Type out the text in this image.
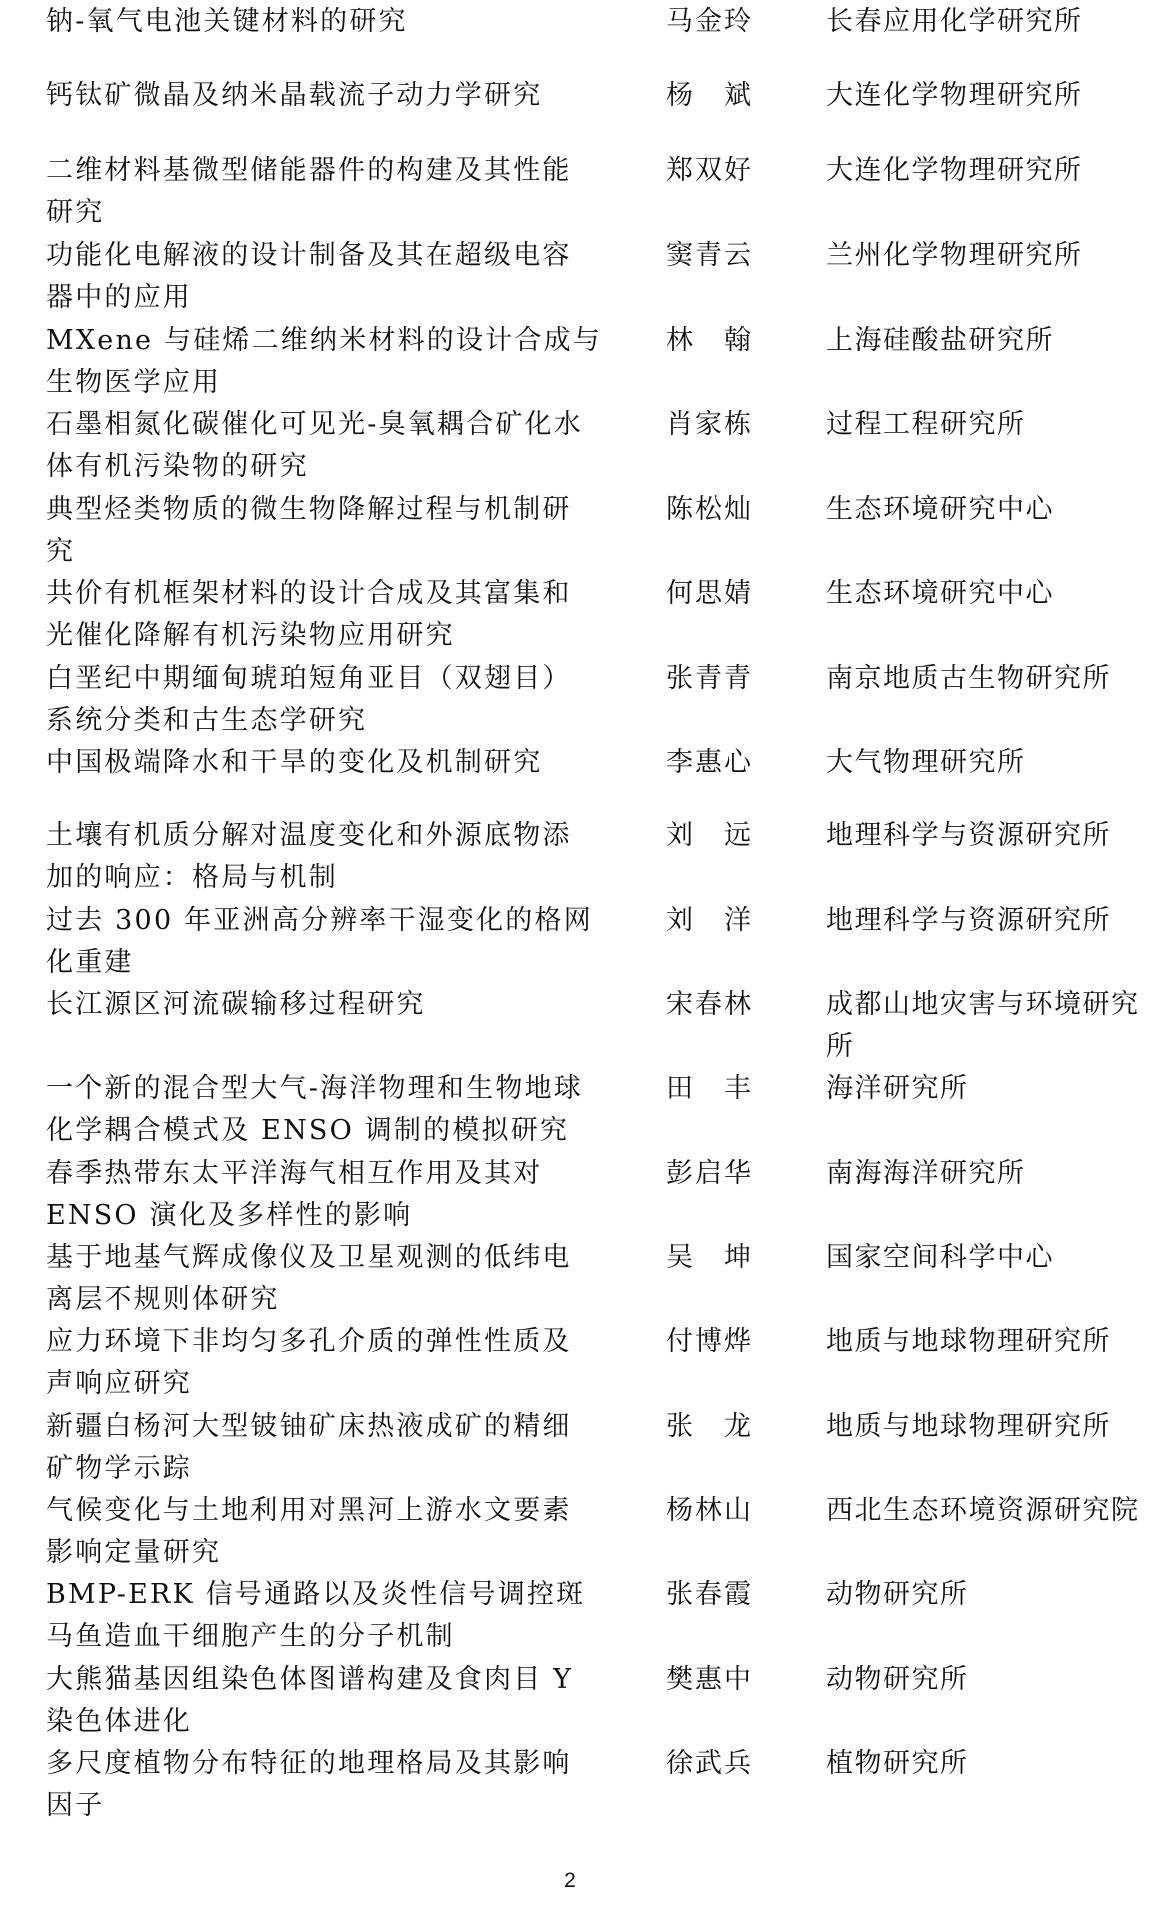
钠-氧气电池关键材料的研究	马金玲	长春应用化学研究所
钙钛矿微晶及纳米晶载流子动力学研究	杨　斌	大连化学物理研究所
二维材料基微型储能器件的构建及其性能
研究
郑双好	大连化学物理研究所
功能化电解液的设计制备及其在超级电容
器中的应用
窦青云	兰州化学物理研究所
MXene 与硅烯二维纳米材料的设计合成与
生物医学应用
林　翰	上海硅酸盐研究所
石墨相氮化碳催化可见光-臭氧耦合矿化水
体有机污染物的研究
肖家栋	过程工程研究所
典型烃类物质的微生物降解过程与机制研
究
陈松灿	生态环境研究中心
共价有机框架材料的设计合成及其富集和
光催化降解有机污染物应用研究
何思婧	生态环境研究中心
白垩纪中期缅甸琥珀短角亚目（双翅目）
系统分类和古生态学研究
张青青	南京地质古生物研究所
中国极端降水和干旱的变化及机制研究	李惠心	大气物理研究所
土壤有机质分解对温度变化和外源底物添
加的响应：格局与机制
刘　远	地理科学与资源研究所
过去 300 年亚洲高分辨率干湿变化的格网
化重建
刘　洋	地理科学与资源研究所
长江源区河流碳输移过程研究	宋春林	成都山地灾害与环境研究
所
一个新的混合型大气-海洋物理和生物地球
化学耦合模式及 ENSO 调制的模拟研究
田　丰	海洋研究所
春季热带东太平洋海气相互作用及其对
ENSO 演化及多样性的影响
彭启华	南海海洋研究所
基于地基气辉成像仪及卫星观测的低纬电
离层不规则体研究
吴　坤	国家空间科学中心
应力环境下非均匀多孔介质的弹性性质及
声响应研究
付博烨	地质与地球物理研究所
新疆白杨河大型铍铀矿床热液成矿的精细
矿物学示踪
张　龙	地质与地球物理研究所
气候变化与土地利用对黑河上游水文要素
影响定量研究
杨林山	西北生态环境资源研究院
BMP-ERK 信号通路以及炎性信号调控斑
马鱼造血干细胞产生的分子机制
张春霞	动物研究所
大熊猫基因组染色体图谱构建及食肉目 Y
染色体进化
樊惠中	动物研究所
多尺度植物分布特征的地理格局及其影响
因子
徐武兵	植物研究所
2
